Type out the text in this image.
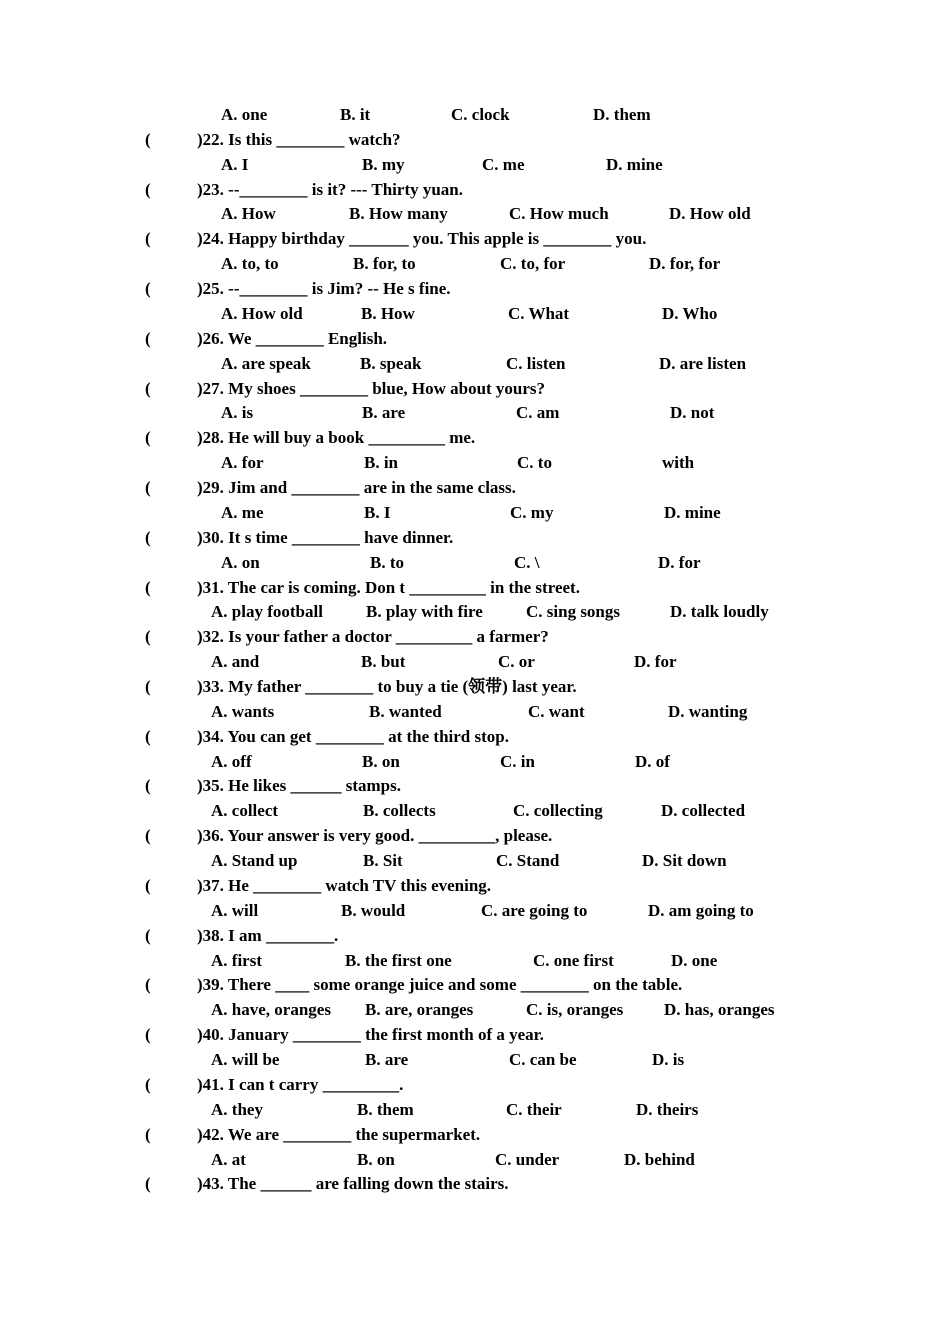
A. one	B. it	C. clock	D. them
(	)22. Is this ________ watch?
A. I	B. my	C. me	D. mine
(	)23. --________ is it? --- Thirty yuan.
A. How	B. How many	C. How much	D. How old
(	)24. Happy birthday _______ you. This apple is ________ you.
A. to, to	B. for, to	C. to, for	D. for, for
(	)25. --________ is Jim? -- He s fine.
A. How old	B. How	C. What	D. Who
(	)26. We ________ English.
A. are speak	B. speak	C. listen	D. are listen
(	)27. My shoes ________ blue, How about yours?
A. is	B. are	C. am	D. not
(	)28. He will buy a book _________ me.
A. for	B. in	C. to	with
(	)29. Jim and ________ are in the same class.
A. me	B. I	C. my	D. mine
(	)30. It s time ________ have dinner.
A. on	B. to	C. \	D. for
(	)31. The car is coming. Don t _________ in the street.
A. play football	B. play with fire	C. sing songs	D. talk loudly
(	)32. Is your father a doctor _________ a farmer?
A. and	B. but	C. or	D. for
(	)33. My father ________ to buy a tie (领带) last year.
A. wants	B. wanted	C. want	D. wanting
(	)34. You can get ________ at the third stop.
A. off	B. on	C. in	D. of
(	)35. He likes ______ stamps.
A. collect	B. collects	C. collecting	D. collected
(	)36. Your answer is very good. _________, please.
A. Stand up	B. Sit	C. Stand	D. Sit down
(	)37. He ________ watch TV this evening.
A. will	B. would	C. are going to	D. am going to
(	)38. I am ________.
A. first	B. the first one	C. one first	D. one
(	)39. There ____ some orange juice and some ________ on the table.
A. have, oranges B. are, oranges	C. is, oranges D. has, oranges
(	)40. January ________ the first month of a year.
A. will be	B. are	C. can be	D. is
(	)41. I can t carry _________.
A. they	B. them	C. their	D. theirs
(	)42. We are ________ the supermarket.
A. at	B. on	C. under	D. behind
(	)43. The ______ are falling down the stairs.
